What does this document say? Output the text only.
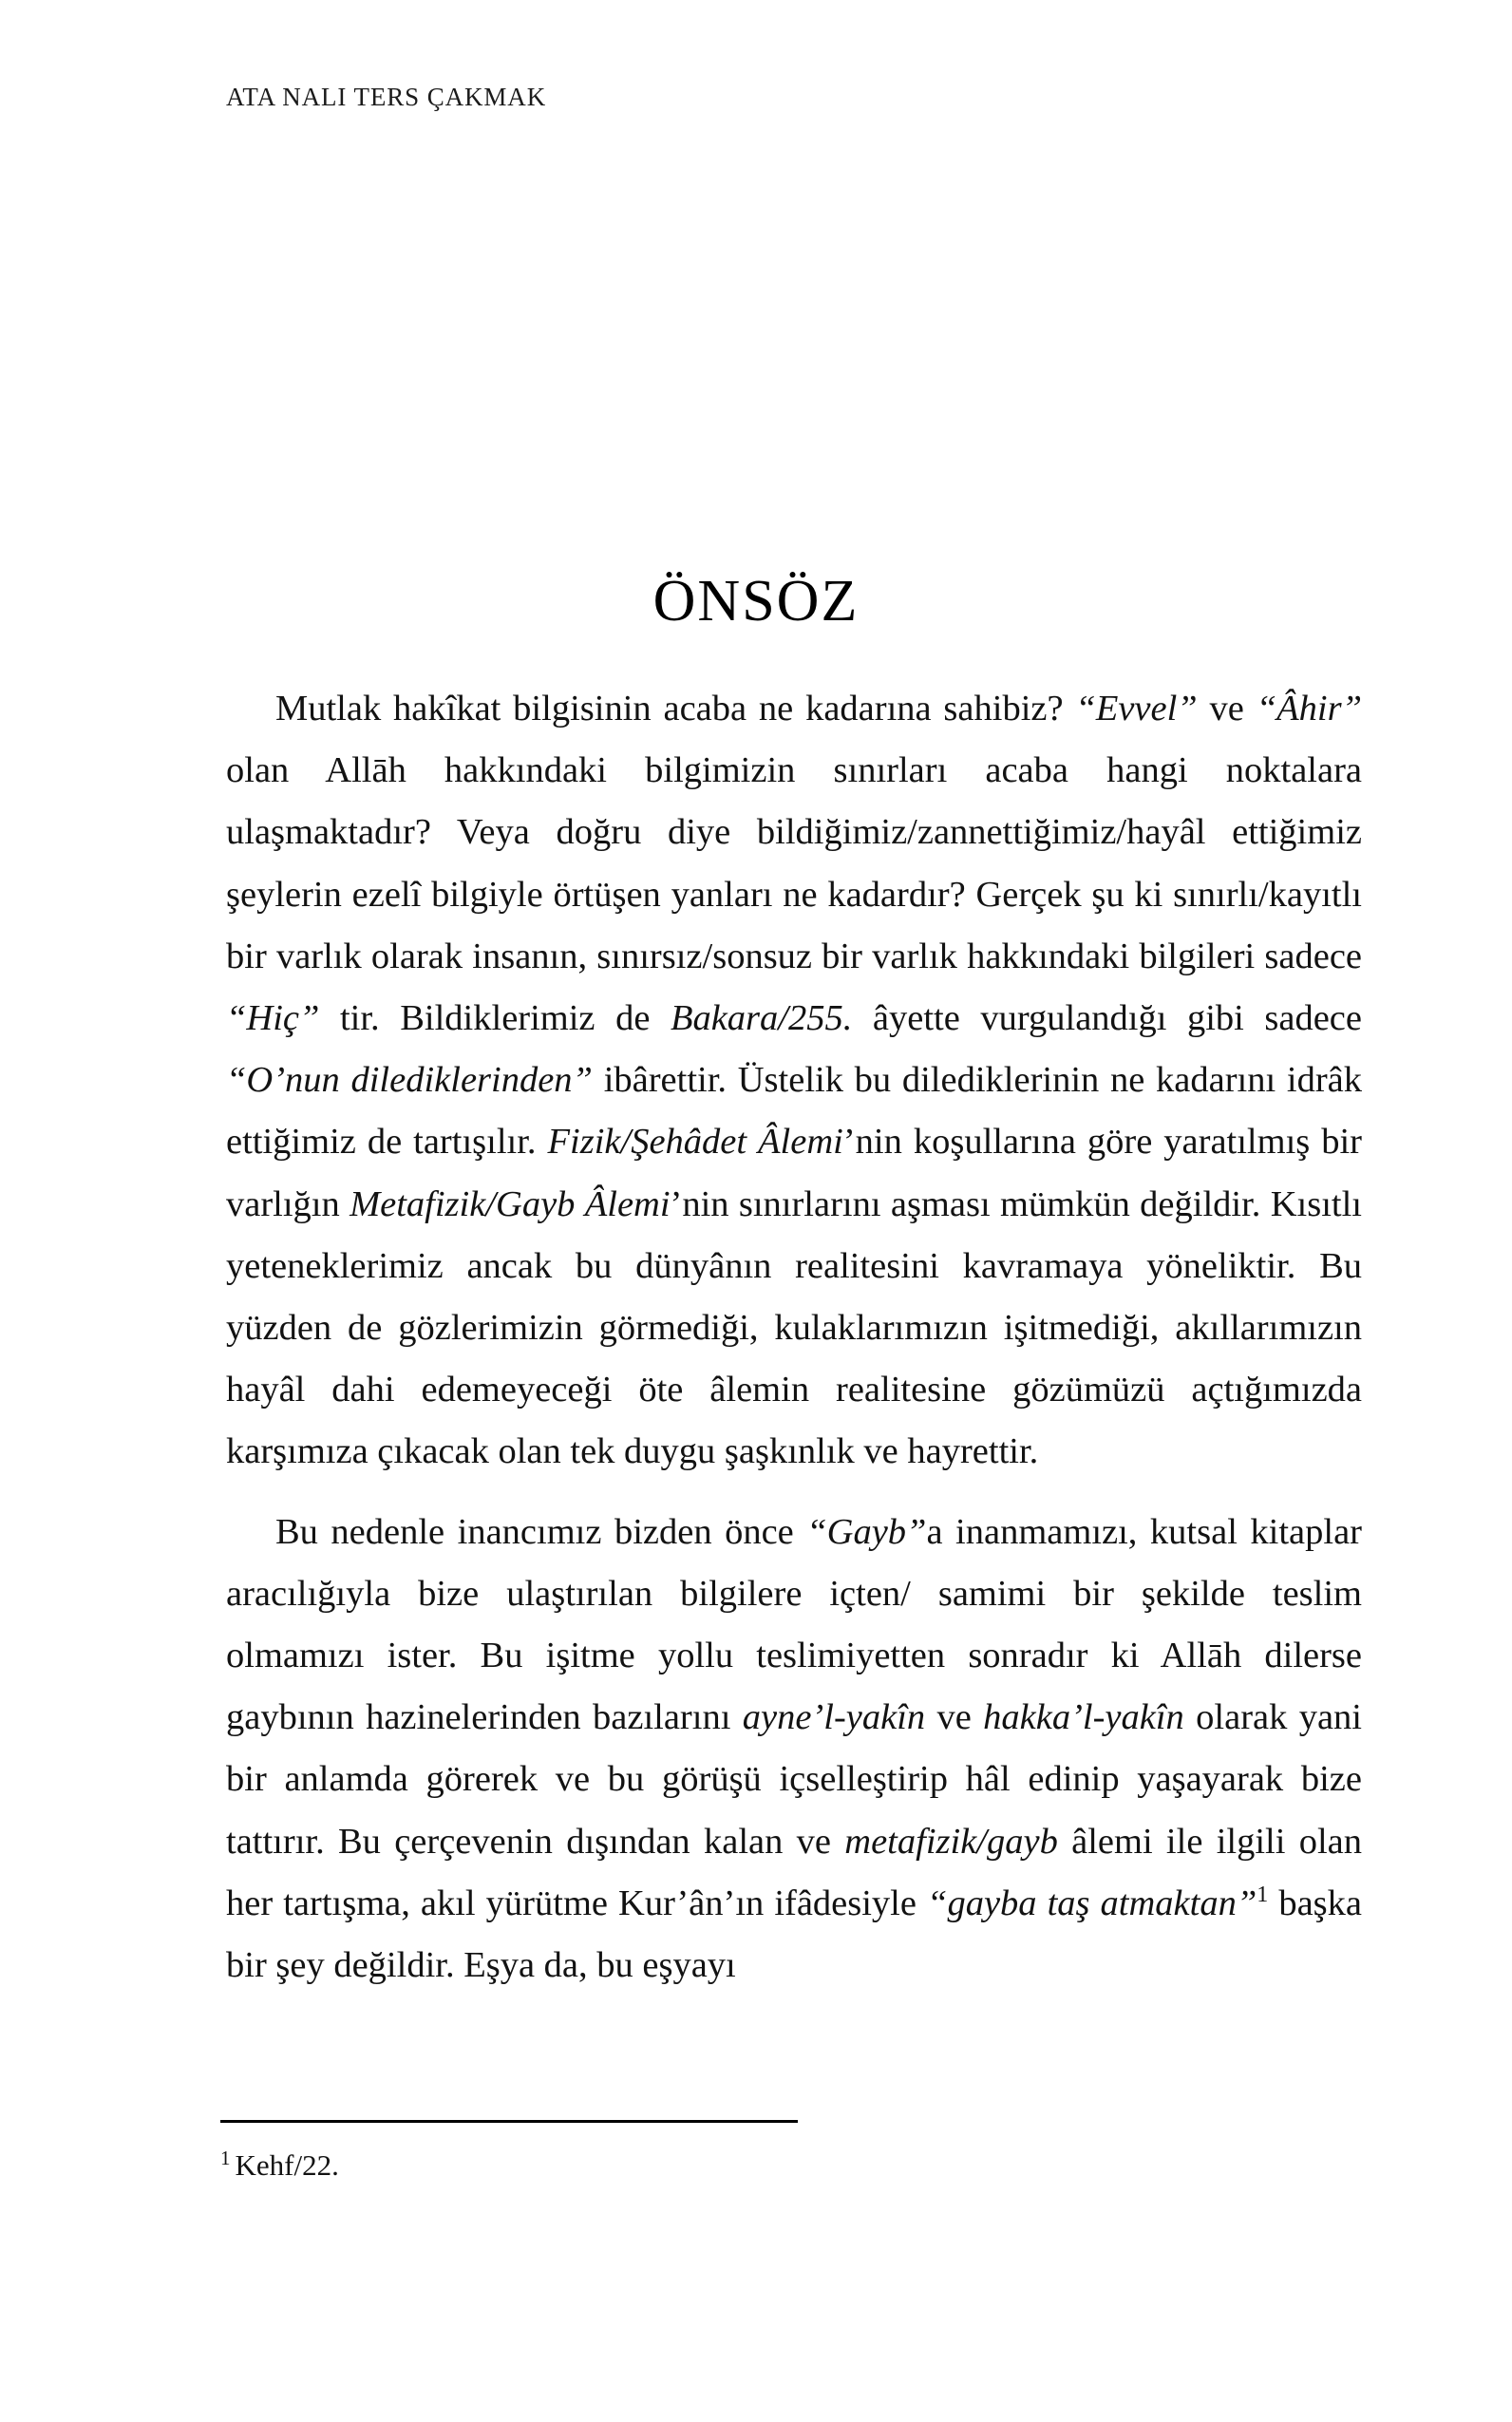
ATA NALI TERS ÇAKMAK
ÖNSÖZ

Mutlak hakîkat bilgisinin acaba ne kadarına sahibiz? “Evvel” ve “Âhir” olan Allāh hakkındaki bilgimizin sınırları acaba hangi noktalara ulaşmaktadır? Veya doğru diye bildiğimiz/zannettiğimiz/hayâl ettiğimiz şeylerin ezelî bilgiyle örtüşen yanları ne kadardır? Gerçek şu ki sınırlı/kayıtlı bir varlık olarak insanın, sınırsız/sonsuz bir varlık hakkındaki bilgileri sadece “Hiç” tir. Bildiklerimiz de Bakara/255. âyette vurgulandığı gibi sadece “O’nun dilediklerinden” ibârettir. Üstelik bu dilediklerinin ne kadarını idrâk ettiğimiz de tartışılır. Fizik/Şehâdet Âlemi’nin koşullarına göre yaratılmış bir varlığın Metafizik/Gayb Âlemi’nin sınırlarını aşması mümkün değildir. Kısıtlı yeteneklerimiz ancak bu dünyânın realitesini kavramaya yöneliktir. Bu yüzden de gözlerimizin görmediği, kulaklarımızın işitmediği, akıllarımızın hayâl dahi edemeyeceği öte âlemin realitesine gözümüzü açtığımızda karşımıza çıkacak olan tek duygu şaşkınlık ve hayrettir.

Bu nedenle inancımız bizden önce “Gayb”a inanmamızı, kutsal kitaplar aracılığıyla bize ulaştırılan bilgilere içten/ samimi bir şekilde teslim olmamızı ister. Bu işitme yollu teslimiyetten sonradır ki Allāh dilerse gaybının hazinelerinden bazılarını ayne’l-yakîn ve hakka’l-yakîn olarak yani bir anlamda görerek ve bu görüşü içselleştirip hâl edinip yaşayarak bize tattırır. Bu çerçevenin dışından kalan ve metafizik/gayb âlemi ile ilgili olan her tartışma, akıl yürütme Kur’ân’ın ifâdesiyle “gayba taş atmaktan”$^1$ başka bir şey değildir. Eşya da, bu eşyayı

$^1$ Kehf/22.
